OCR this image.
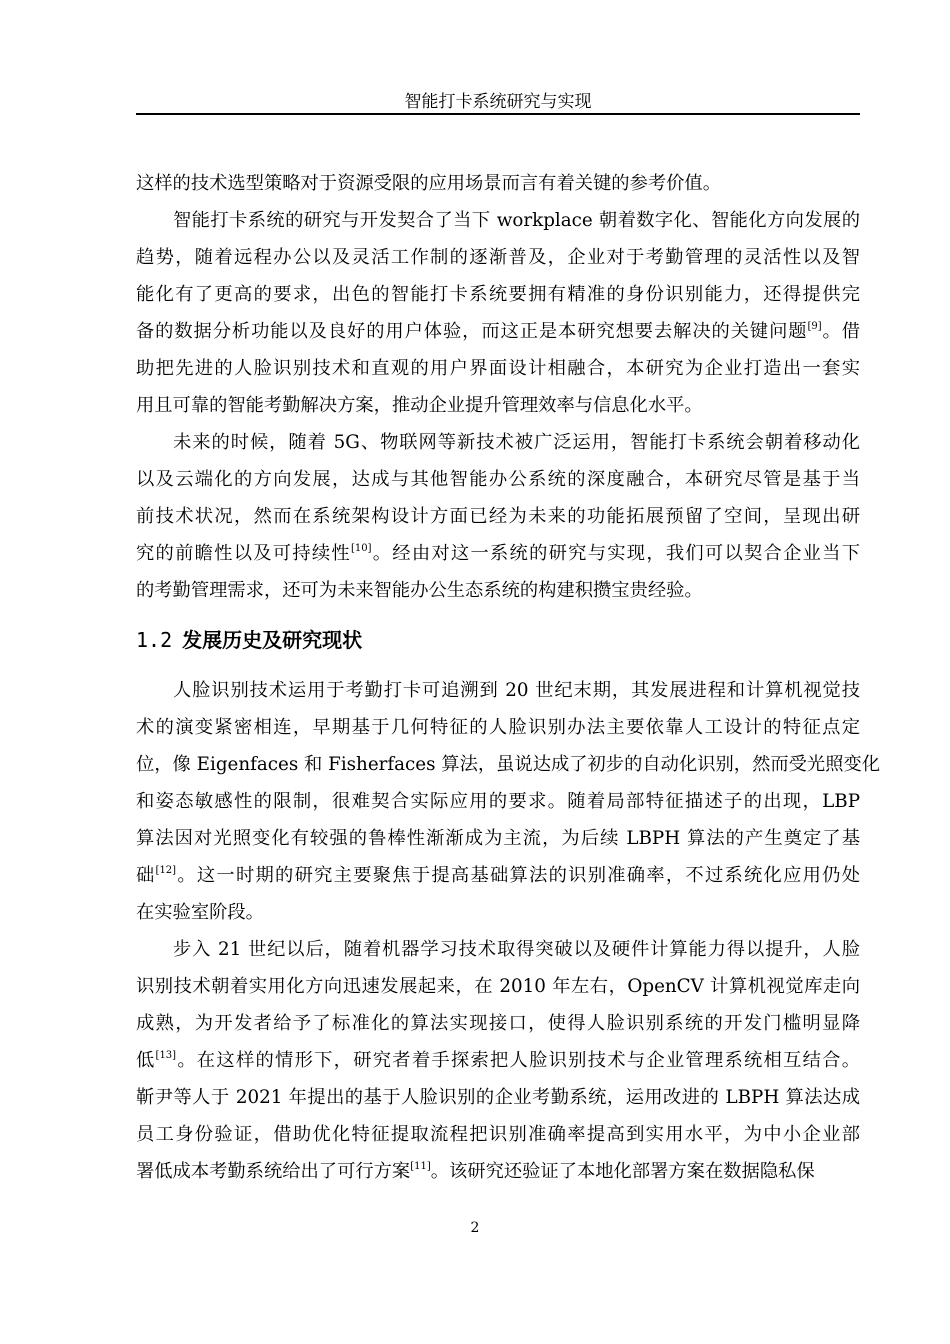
智能打卡系统研究与实现
这样的技术选型策略对于资源受限的应用场景而言有着关键的参考价值。
智能打卡系统的研究与开发契合了当下 workplace 朝着数字化、智能化方向发展的
趋势，随着远程办公以及灵活工作制的逐渐普及，企业对于考勤管理的灵活性以及智
能化有了更高的要求，出色的智能打卡系统要拥有精准的身份识别能力，还得提供完
备的数据分析功能以及良好的用户体验，而这正是本研究想要去解决的关键问题[9]。借
助把先进的人脸识别技术和直观的用户界面设计相融合，本研究为企业打造出一套实
用且可靠的智能考勤解决方案，推动企业提升管理效率与信息化水平。
未来的时候，随着 5G、物联网等新技术被广泛运用，智能打卡系统会朝着移动化
以及云端化的方向发展，达成与其他智能办公系统的深度融合，本研究尽管是基于当
前技术状况，然而在系统架构设计方面已经为未来的功能拓展预留了空间，呈现出研
究的前瞻性以及可持续性[10]。经由对这一系统的研究与实现，我们可以契合企业当下
的考勤管理需求，还可为未来智能办公生态系统的构建积攒宝贵经验。
1.2 发展历史及研究现状
人脸识别技术运用于考勤打卡可追溯到 20 世纪末期，其发展进程和计算机视觉技
术的演变紧密相连，早期基于几何特征的人脸识别办法主要依靠人工设计的特征点定
位，像 Eigenfaces 和 Fisherfaces 算法，虽说达成了初步的自动化识别，然而受光照变化
和姿态敏感性的限制，很难契合实际应用的要求。随着局部特征描述子的出现，LBP
算法因对光照变化有较强的鲁棒性渐渐成为主流，为后续 LBPH 算法的产生奠定了基
础[12]。这一时期的研究主要聚焦于提高基础算法的识别准确率，不过系统化应用仍处
在实验室阶段。
步入 21 世纪以后，随着机器学习技术取得突破以及硬件计算能力得以提升，人脸
识别技术朝着实用化方向迅速发展起来，在 2010 年左右，OpenCV 计算机视觉库走向
成熟，为开发者给予了标准化的算法实现接口，使得人脸识别系统的开发门槛明显降
低[13]。在这样的情形下，研究者着手探索把人脸识别技术与企业管理系统相互结合。
靳尹等人于 2021 年提出的基于人脸识别的企业考勤系统，运用改进的 LBPH 算法达成
员工身份验证，借助优化特征提取流程把识别准确率提高到实用水平，为中小企业部
署低成本考勤系统给出了可行方案[11]。该研究还验证了本地化部署方案在数据隐私保
2
